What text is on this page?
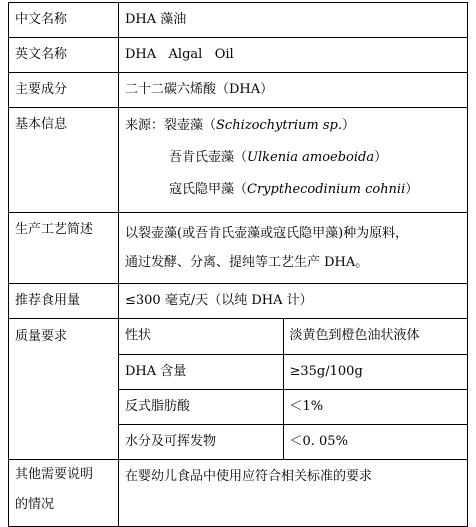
中文名称	DHA 藻油
英文名称	DHA   Algal   Oil
主要成分	二十二碳六烯酸（DHA）
基本信息	来源：裂壶藻（Schizochytrium sp.）
吾肯氏壶藻（Ulkenia amoeboida）
寇氏隐甲藻（Crypthecodinium cohnii）

生产工艺简述	以裂壶藻(或吾肯氏壶藻或寇氏隐甲藻)种为原料，
通过发酵、分离、提纯等工艺生产 DHA。

推荐食用量	≤300 毫克/天（以纯 DHA 计）
质量要求		性状	淡黄色到橙色油状液体
DHA 含量	≥35g/100g
反式脂肪酸	＜1%
水分及可挥发物	＜0. 05%

其他需要说明
的情况
	在婴幼儿食品中使用应符合相关标准的要求
